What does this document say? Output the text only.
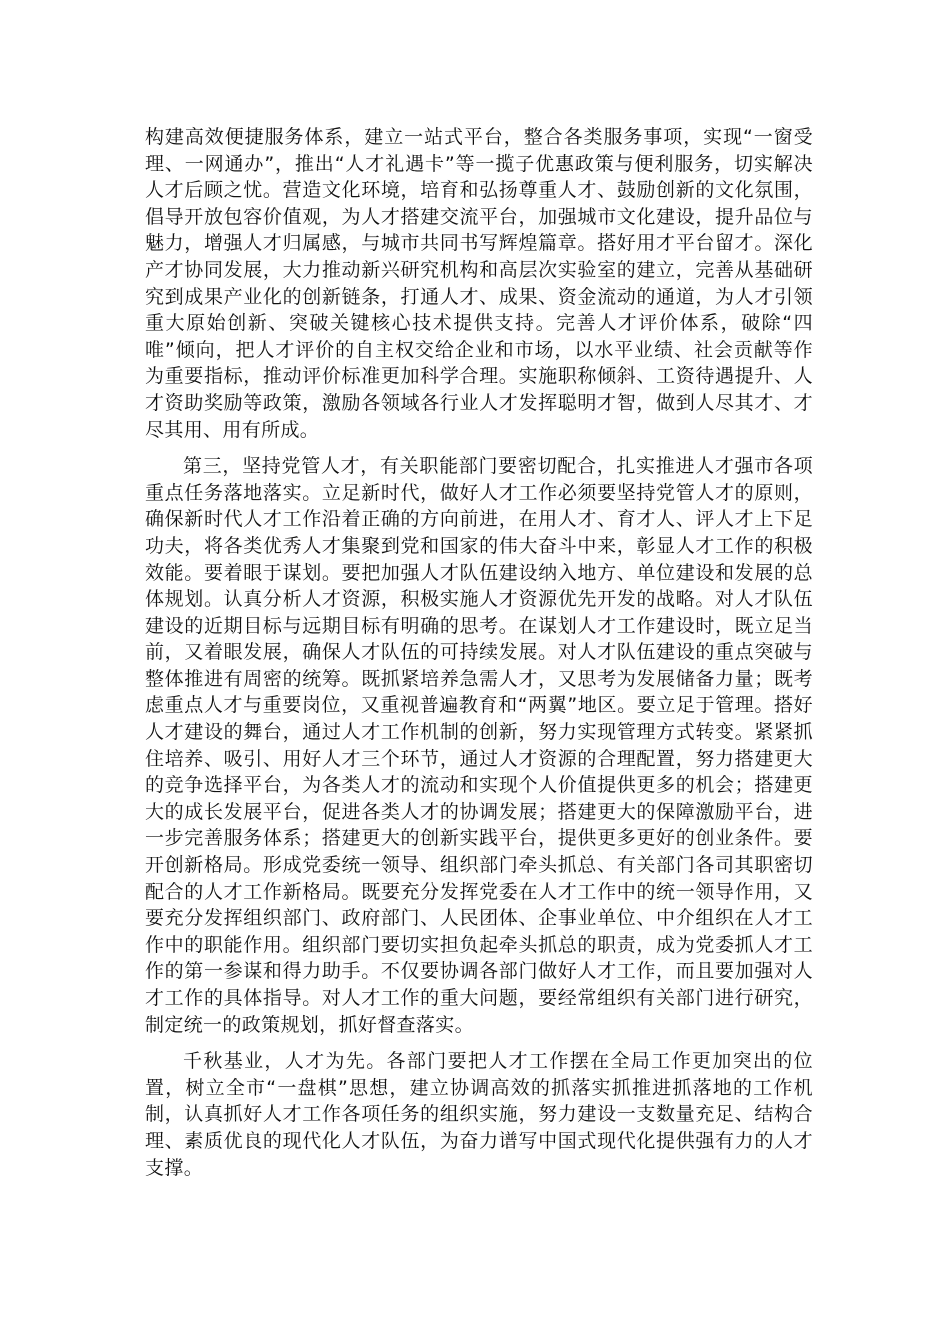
构建高效便捷服务体系，建立一站式平台，整合各类服务事项，实现“一窗受理、一网通办”，推出“人才礼遇卡”等一揽子优惠政策与便利服务，切实解决人才后顾之忧。营造文化环境，培育和弘扬尊重人才、鼓励创新的文化氛围，倡导开放包容价值观，为人才搭建交流平台，加强城市文化建设，提升品位与魅力，增强人才归属感，与城市共同书写辉煌篇章。搭好用才平台留才。深化产才协同发展，大力推动新兴研究机构和高层次实验室的建立，完善从基础研究到成果产业化的创新链条，打通人才、成果、资金流动的通道，为人才引领重大原始创新、突破关键核心技术提供支持。完善人才评价体系，破除“四唯”倾向，把人才评价的自主权交给企业和市场，以水平业绩、社会贡献等作为重要指标，推动评价标准更加科学合理。实施职称倾斜、工资待遇提升、人才资助奖励等政策，激励各领域各行业人才发挥聪明才智，做到人尽其才、才尽其用、用有所成。

第三，坚持党管人才，有关职能部门要密切配合，扎实推进人才强市各项重点任务落地落实。立足新时代，做好人才工作必须要坚持党管人才的原则，确保新时代人才工作沿着正确的方向前进，在用人才、育才人、评人才上下足功夫，将各类优秀人才集聚到党和国家的伟大奋斗中来，彰显人才工作的积极效能。要着眼于谋划。要把加强人才队伍建设纳入地方、单位建设和发展的总体规划。认真分析人才资源，积极实施人才资源优先开发的战略。对人才队伍建设的近期目标与远期目标有明确的思考。在谋划人才工作建设时，既立足当前，又着眼发展，确保人才队伍的可持续发展。对人才队伍建设的重点突破与整体推进有周密的统筹。既抓紧培养急需人才，又思考为发展储备力量；既考虑重点人才与重要岗位，又重视普遍教育和“两翼”地区。要立足于管理。搭好人才建设的舞台，通过人才工作机制的创新，努力实现管理方式转变。紧紧抓住培养、吸引、用好人才三个环节，通过人才资源的合理配置，努力搭建更大的竞争选择平台，为各类人才的流动和实现个人价值提供更多的机会；搭建更大的成长发展平台，促进各类人才的协调发展；搭建更大的保障激励平台，进一步完善服务体系；搭建更大的创新实践平台，提供更多更好的创业条件。要开创新格局。形成党委统一领导、组织部门牵头抓总、有关部门各司其职密切配合的人才工作新格局。既要充分发挥党委在人才工作中的统一领导作用，又要充分发挥组织部门、政府部门、人民团体、企事业单位、中介组织在人才工作中的职能作用。组织部门要切实担负起牵头抓总的职责，成为党委抓人才工作的第一参谋和得力助手。不仅要协调各部门做好人才工作，而且要加强对人才工作的具体指导。对人才工作的重大问题，要经常组织有关部门进行研究，制定统一的政策规划，抓好督查落实。

千秋基业，人才为先。各部门要把人才工作摆在全局工作更加突出的位置，树立全市“一盘棋”思想，建立协调高效的抓落实抓推进抓落地的工作机制，认真抓好人才工作各项任务的组织实施，努力建设一支数量充足、结构合理、素质优良的现代化人才队伍，为奋力谱写中国式现代化提供强有力的人才支撑。
